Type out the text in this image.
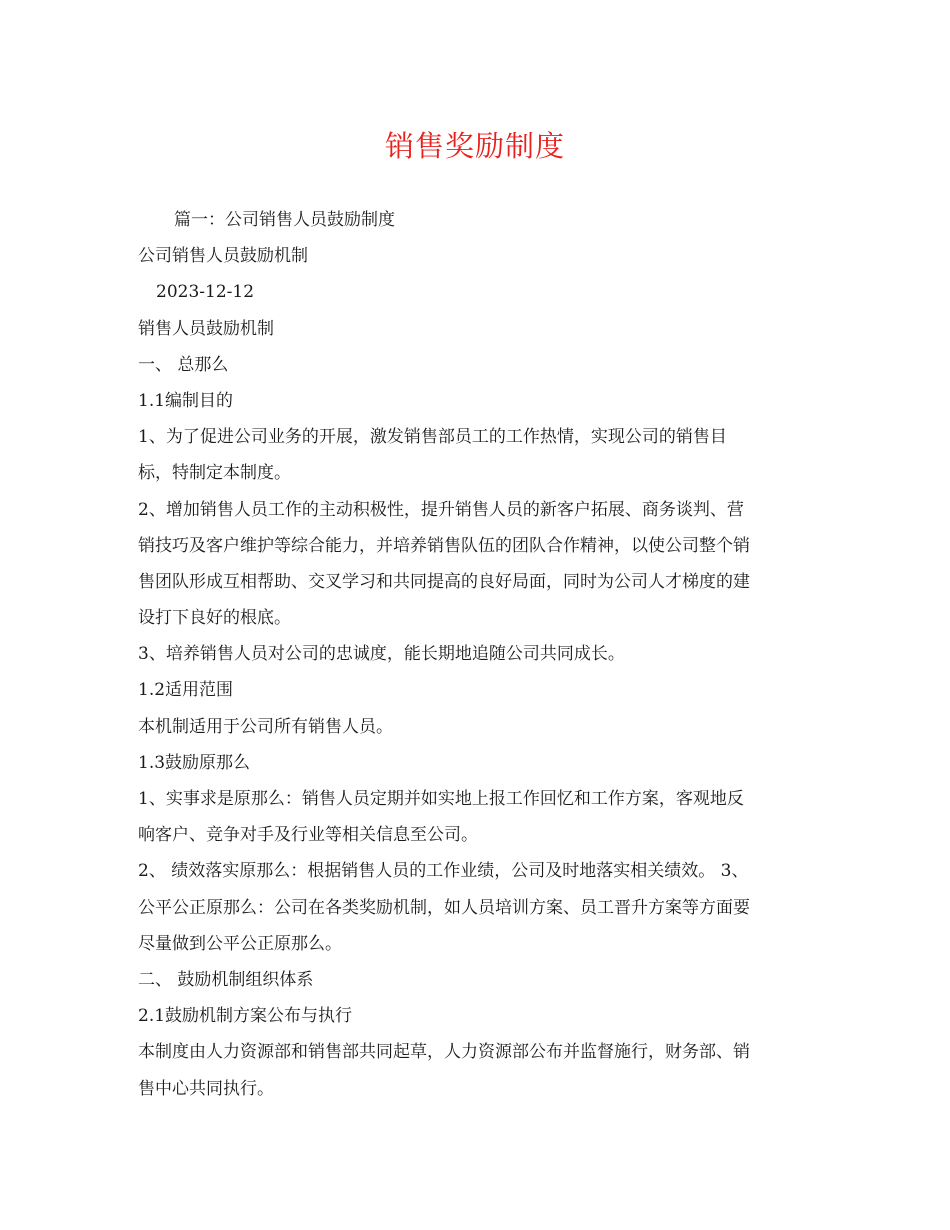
销售奖励制度
篇一：公司销售人员鼓励制度
公司销售人员鼓励机制
2023-12-12
销售人员鼓励机制
一、 总那么
1.1编制目的
1、为了促进公司业务的开展，激发销售部员工的工作热情，实现公司的销售目
标，特制定本制度。
2、增加销售人员工作的主动积极性，提升销售人员的新客户拓展、商务谈判、营
销技巧及客户维护等综合能力，并培养销售队伍的团队合作精神，以使公司整个销
售团队形成互相帮助、交叉学习和共同提高的良好局面，同时为公司人才梯度的建
设打下良好的根底。
3、培养销售人员对公司的忠诚度，能长期地追随公司共同成长。
1.2适用范围
本机制适用于公司所有销售人员。
1.3鼓励原那么
1、实事求是原那么：销售人员定期并如实地上报工作回忆和工作方案，客观地反
响客户、竞争对手及行业等相关信息至公司。
2、 绩效落实原那么：根据销售人员的工作业绩，公司及时地落实相关绩效。 3、
公平公正原那么：公司在各类奖励机制，如人员培训方案、员工晋升方案等方面要
尽量做到公平公正原那么。
二、 鼓励机制组织体系
2.1鼓励机制方案公布与执行
本制度由人力资源部和销售部共同起草，人力资源部公布并监督施行，财务部、销
售中心共同执行。
